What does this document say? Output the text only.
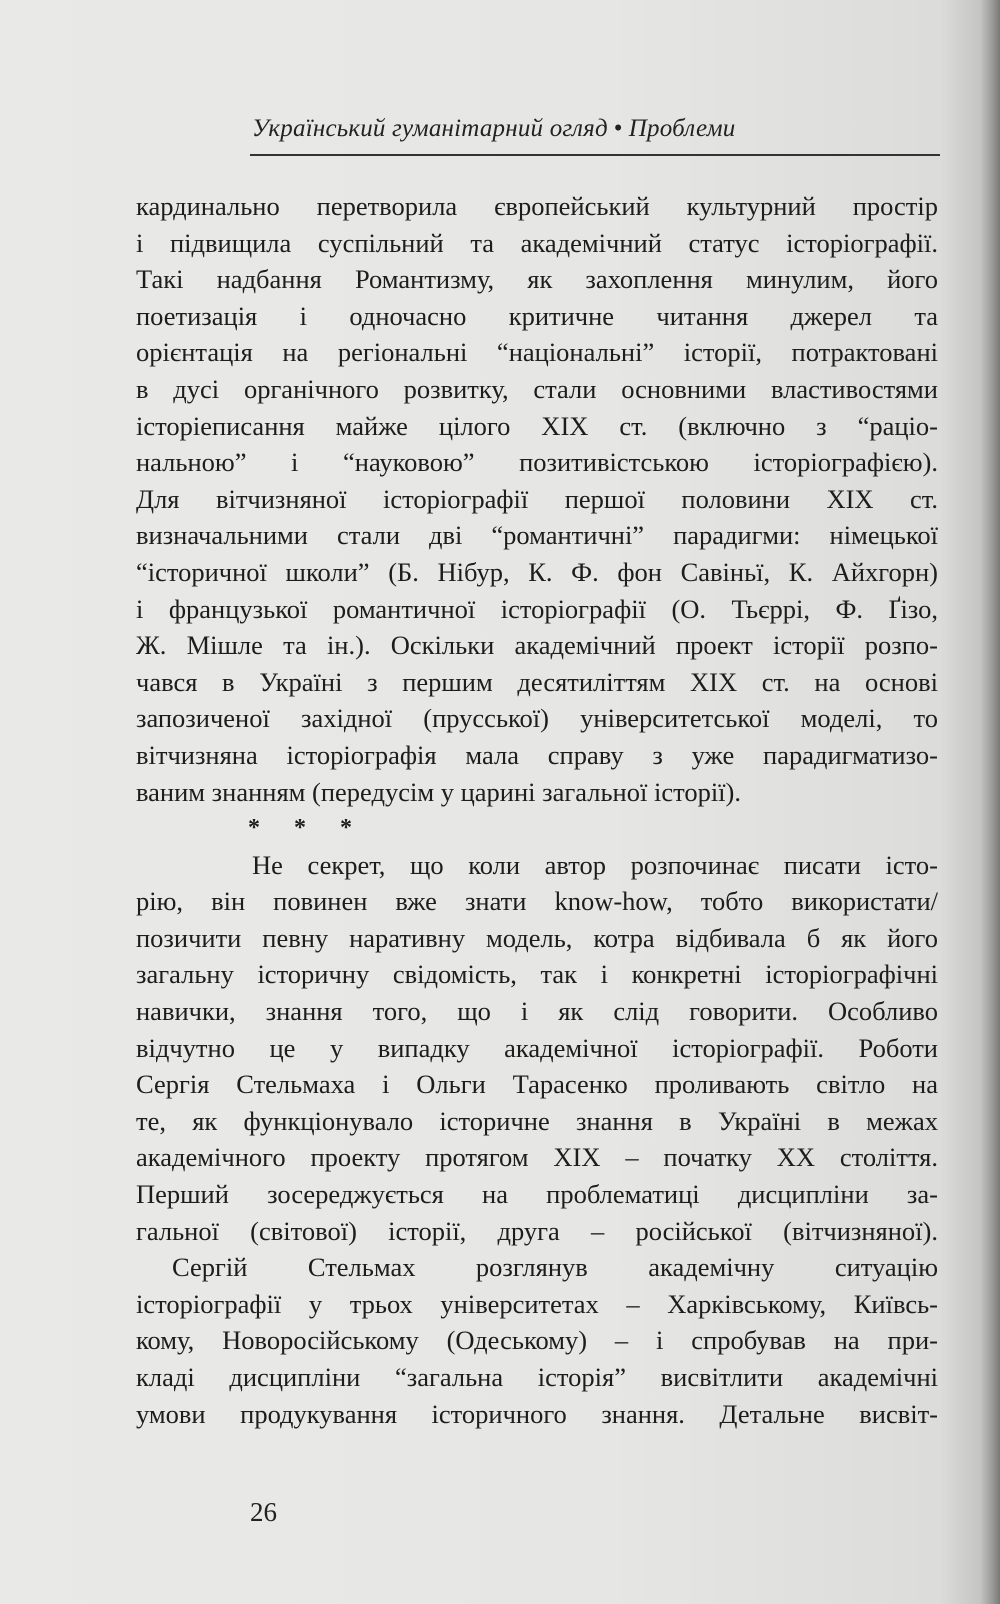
Український гуманітарний огляд • Проблеми
кардинально перетворила європейський культурний простір
і підвищила суспільний та академічний статус історіографії.
Такі надбання Романтизму, як захоплення минулим, його
поетизація і одночасно критичне читання джерел та
орієнтація на регіональні “національні” історії, потрактовані
в дусі органічного розвитку, стали основними властивостями
історіеписання майже цілого XIX ст. (включно з “раціо-
нальною” і “науковою” позитивістською історіографією).
Для вітчизняної історіографії першої половини XIX ст.
визначальними стали дві “романтичні” парадигми: німецької
“історичної школи” (Б. Нібур, К. Ф. фон Савіньї, К. Айхгорн)
і французької романтичної історіографії (О. Тьєррі, Ф. Ґізо,
Ж. Мішле та ін.). Оскільки академічний проект історії розпо-
чався в Україні з першим десятиліттям XIX ст. на основі
запозиченої західної (прусської) університетської моделі, то
вітчизняна історіографія мала справу з уже парадигматизо-
ваним знанням (передусім у царині загальної історії).
* * *
Не секрет, що коли автор розпочинає писати істо-
рію, він повинен вже знати know-how, тобто використати/
позичити певну наративну модель, котра відбивала б як його
загальну історичну свідомість, так і конкретні історіографічні
навички, знання того, що і як слід говорити. Особливо
відчутно це у випадку академічної історіографії. Роботи
Сергія Стельмаха і Ольги Тарасенко проливають світло на
те, як функціонувало історичне знання в Україні в межах
академічного проекту протягом XIX – початку XX століття.
Перший зосереджується на проблематиці дисципліни за-
гальної (світової) історії, друга – російської (вітчизняної).
Сергій Стельмах розглянув академічну ситуацію
історіографії у трьох університетах – Харківському, Київсь-
кому, Новоросійському (Одеському) – і спробував на при-
кладі дисципліни “загальна історія” висвітлити академічні
умови продукування історичного знання. Детальне висвіт-
26
